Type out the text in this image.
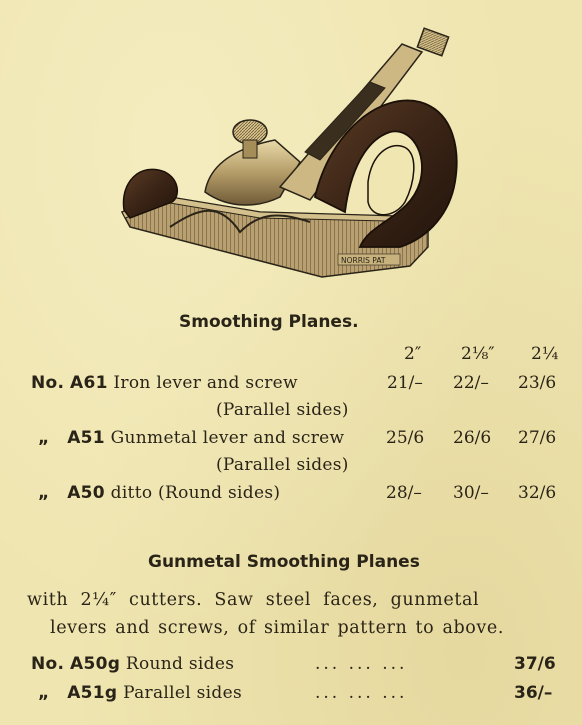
NORRIS PAT
Smoothing Planes.
2″ 2⅛″ 2¼
No. A61 Iron lever and screw	21/– 22/– 23/6
(Parallel sides)
„ A51 Gunmetal lever and screw 25/6 26/6 27/6
(Parallel sides)
„ A50 ditto (Round sides)	28/– 30/– 32/6
Gunmetal Smoothing Planes
with 2¼″ cutters. Saw steel faces, gunmetal
levers and screws, of similar pattern to above.
No. A50g Round sides	... ... ...	37/6
„ A51g Parallel sides	... ... ...	36/–
